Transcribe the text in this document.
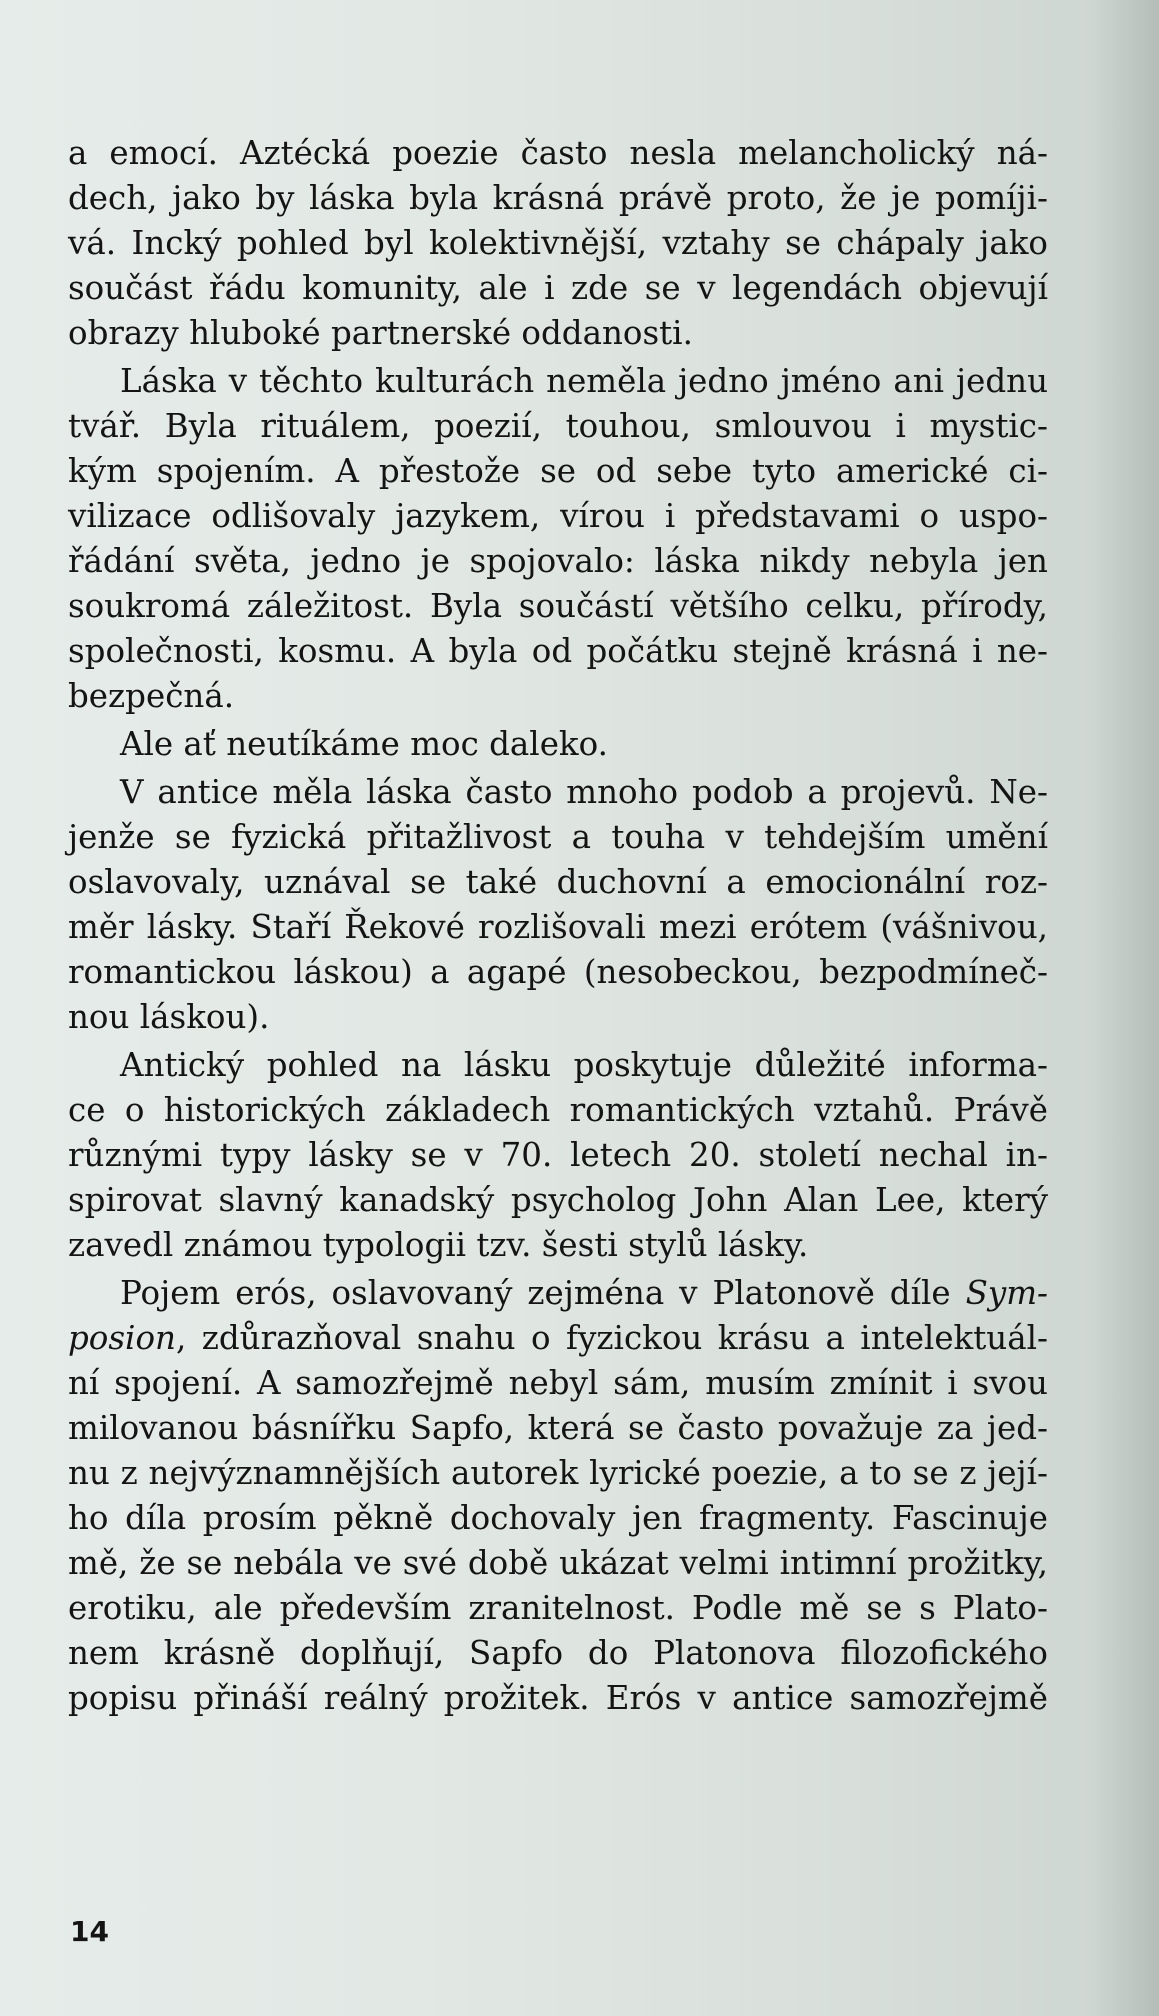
a emocí. Aztécká poezie často nesla melancholický ná-
dech, jako by láska byla krásná právě proto, že je pomíji-
vá. Incký pohled byl kolektivnější, vztahy se chápaly jako
součást řádu komunity, ale i zde se v legendách objevují
obrazy hluboké partnerské oddanosti.
Láska v těchto kulturách neměla jedno jméno ani jednu
tvář. Byla rituálem, poezií, touhou, smlouvou i mystic-
kým spojením. A přestože se od sebe tyto americké ci-
vilizace odlišovaly jazykem, vírou i představami o uspo-
řádání světa, jedno je spojovalo: láska nikdy nebyla jen
soukromá záležitost. Byla součástí většího celku, přírody,
společnosti, kosmu. A byla od počátku stejně krásná i ne-
bezpečná.
Ale ať neutíkáme moc daleko.
V antice měla láska často mnoho podob a projevů. Ne-
jenže se fyzická přitažlivost a touha v tehdejším umění
oslavovaly, uznával se také duchovní a emocionální roz-
měr lásky. Staří Řekové rozlišovali mezi erótem (vášnivou,
romantickou láskou) a agapé (nesobeckou, bezpodmíneč-
nou láskou).
Antický pohled na lásku poskytuje důležité informa-
ce o historických základech romantických vztahů. Právě
různými typy lásky se v 70. letech 20. století nechal in-
spirovat slavný kanadský psycholog John Alan Lee, který
zavedl známou typologii tzv. šesti stylů lásky.
Pojem erós, oslavovaný zejména v Platonově díle Sym-
posion, zdůrazňoval snahu o fyzickou krásu a intelektuál-
ní spojení. A samozřejmě nebyl sám, musím zmínit i svou
milovanou básnířku Sapfo, která se často považuje za jed-
nu z nejvýznamnějších autorek lyrické poezie, a to se z její-
ho díla prosím pěkně dochovaly jen fragmenty. Fascinuje
mě, že se nebála ve své době ukázat velmi intimní prožitky,
erotiku, ale především zranitelnost. Podle mě se s Plato-
nem krásně doplňují, Sapfo do Platonova filozofického
popisu přináší reálný prožitek. Erós v antice samozřejmě
14
